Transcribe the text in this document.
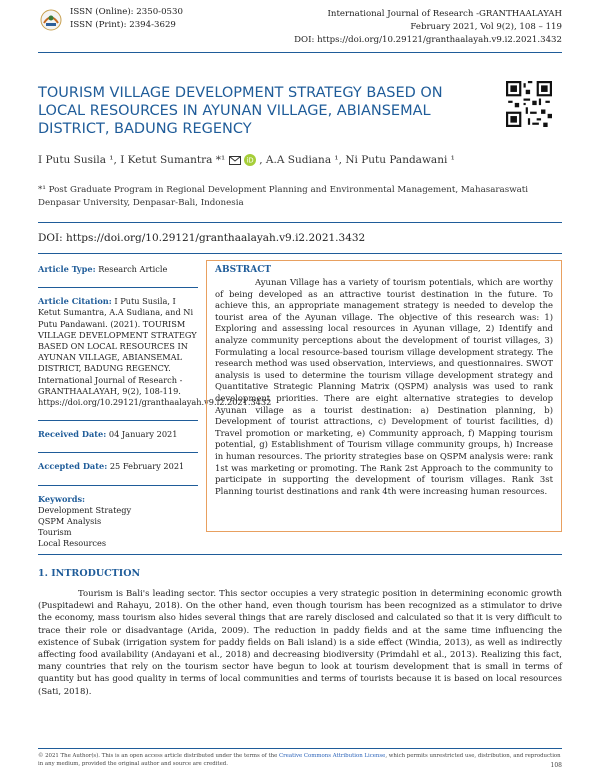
ISSN (Online): 2350-0530
ISSN (Print): 2394-3629
International Journal of Research -GRANTHAALAYAH
February 2021, Vol 9(2), 108 – 119
DOI: https://doi.org/10.29121/granthaalayah.v9.i2.2021.3432
TOURISM VILLAGE DEVELOPMENT STRATEGY BASED ON LOCAL RESOURCES IN AYUNAN VILLAGE, ABIANSEMAL DISTRICT, BADUNG REGENCY
I Putu Susila ¹, I Ketut Sumantra *¹	iD , A.A Sudiana ¹, Ni Putu Pandawani ¹
*¹ Post Graduate Program in Regional Development Planning and Environmental Management, Mahasaraswati Denpasar University, Denpasar-Bali, Indonesia
DOI: https://doi.org/10.29121/granthaalayah.v9.i2.2021.3432
Article Type: Research Article
Article Citation: I Putu Susila, I Ketut Sumantra, A.A Sudiana, and Ni Putu Pandawani. (2021). TOURISM VILLAGE DEVELOPMENT STRATEGY BASED ON LOCAL RESOURCES IN AYUNAN VILLAGE, ABIANSEMAL DISTRICT, BADUNG REGENCY. International Journal of Research -GRANTHAALAYAH, 9(2), 108-119. https://doi.org/10.29121/granthaalayah.v9.i2.2021.3432
Received Date: 04 January 2021
Accepted Date: 25 February 2021
Keywords:
Development Strategy
QSPM Analysis
Tourism
Local Resources
ABSTRACT
Ayunan Village has a variety of tourism potentials, which are worthy of being developed as an attractive tourist destination in the future. To achieve this, an appropriate management strategy is needed to develop the tourist area of the Ayunan village. The objective of this research was: 1) Exploring and assessing local resources in Ayunan village, 2) Identify and analyze community perceptions about the development of tourist villages, 3) Formulating a local resource-based tourism village development strategy. The research method was used observation, interviews, and questionnaires. SWOT analysis is used to determine the tourism village development strategy and Quantitative Strategic Planning Matrix (QSPM) analysis was used to rank development priorities. There are eight alternative strategies to develop Ayunan village as a tourist destination: a) Destination planning, b) Development of tourist attractions, c) Development of tourist facilities, d) Travel promotion or marketing, e) Community approach, f) Mapping tourism potential, g) Establishment of Tourism village community groups, h) Increase in human resources. The priority strategies base on QSPM analysis were: rank 1st was marketing or promoting. The Rank 2st Approach to the community to participate in supporting the development of tourism villages. Rank 3st Planning tourist destinations and rank 4th were increasing human resources.
1. INTRODUCTION
Tourism is Bali's leading sector. This sector occupies a very strategic position in determining economic growth (Puspitadewi and Rahayu, 2018). On the other hand, even though tourism has been recognized as a stimulator to drive the economy, mass tourism also hides several things that are rarely disclosed and calculated so that it is very difficult to trace their role or disadvantage (Arida, 2009). The reduction in paddy fields and at the same time influencing the existence of Subak (irrigation system for paddy fields on Bali island) is a side effect (Windia, 2013), as well as indirectly affecting food availability (Andayani et al., 2018) and decreasing biodiversity (Primdahl et al., 2013). Realizing this fact, many countries that rely on the tourism sector have begun to look at tourism development that is small in terms of quantity but has good quality in terms of local communities and terms of tourists because it is based on local resources (Sati, 2018).
© 2021 The Author(s). This is an open access article distributed under the terms of the Creative Commons Attribution License, which permits unrestricted use, distribution, and reproduction in any medium, provided the original author and source are credited.	108
